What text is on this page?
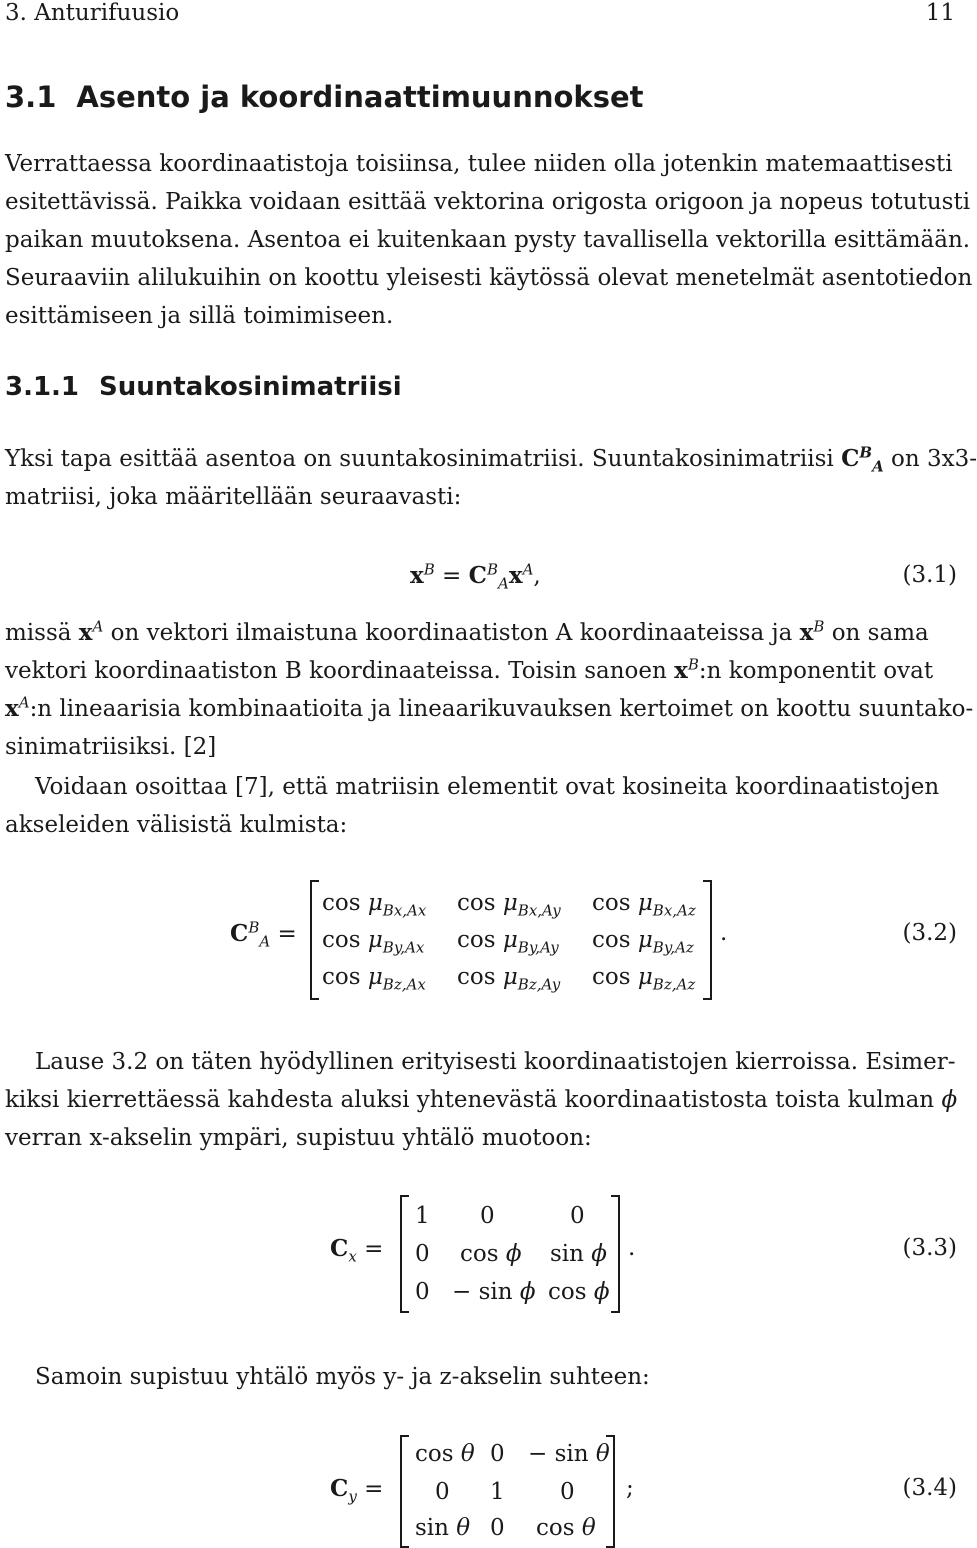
3. Anturifuusio	11
3.1 Asento ja koordinaattimuunnokset
Verrattaessa koordinaatistoja toisiinsa, tulee niiden olla jotenkin matemaattisesti
esitettävissä. Paikka voidaan esittää vektorina origosta origoon ja nopeus totutusti
paikan muutoksena. Asentoa ei kuitenkaan pysty tavallisella vektorilla esittämään.
Seuraaviin alilukuihin on koottu yleisesti käytössä olevat menetelmät asentotiedon
esittämiseen ja sillä toimimiseen.
3.1.1 Suuntakosinimatriisi
Yksi tapa esittää asentoa on suuntakosinimatriisi. Suuntakosinimatriisi $C^B_A$ on 3x3-
matriisi, joka määritellään seuraavasti:
$x^B = C^B_Ax^A$,	(3.1)
missä $x^A$ on vektori ilmaistuna koordinaatiston A koordinaateissa ja $x^B$ on sama
vektori koordinaatiston B koordinaateissa. Toisin sanoen $x^B:n$ komponentit ovat
$x^A:n$ lineaarisia kombinaatioita ja lineaarikuvauksen kertoimet on koottu suuntako-
sinimatriisiksi. [2]
Voidaan osoittaa [7], että matriisin elementit ovat kosineita koordinaatistojen
akseleiden välisistä kulmista:
$C^B_A$ =
$\cos \mu_{Bx,Ax}$ $\cos \mu_{Bx,Ay}$ $\cos \mu_{Bx,Az}$
$\cos \mu_{By,Ax}$ $\cos \mu_{By,Ay}$ $\cos \mu_{By,Az}$
$\cos \mu_{Bz,Ax}$ $\cos \mu_{Bz,Ay}$ $\cos \mu_{Bz,Az}$
.	(3.2)
Lause 3.2 on täten hyödyllinen erityisesti koordinaatistojen kierroissa. Esimer-
kiksi kierrettäessä kahdesta aluksi yhtenevästä koordinaatistosta toista kulman ϕ
verran x-akselin ympäri, supistuu yhtälö muotoon:
$C_x$ =
1 0	0
0 cos ϕ sin ϕ
0 − sin ϕ cos ϕ
.	(3.3)
Samoin supistuu yhtälö myös y- ja z-akselin suhteen:
$C_y$ =
cos θ 0 − sin θ
0 1 0
sin θ 0 cos θ
;	(3.4)
